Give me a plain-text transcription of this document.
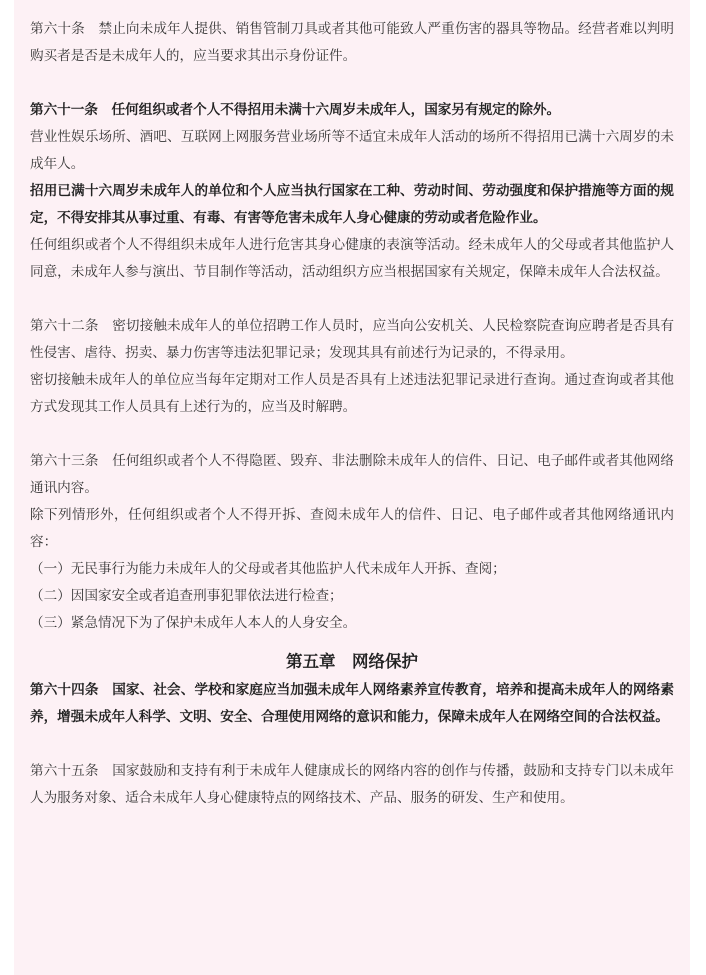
第六十条　禁止向未成年人提供、销售管制刀具或者其他可能致人严重伤害的器具等物品。经营者难以判明购买者是否是未成年人的，应当要求其出示身份证件。

第六十一条　任何组织或者个人不得招用未满十六周岁未成年人，国家另有规定的除外。

营业性娱乐场所、酒吧、互联网上网服务营业场所等不适宜未成年人活动的场所不得招用已满十六周岁的未成年人。

招用已满十六周岁未成年人的单位和个人应当执行国家在工种、劳动时间、劳动强度和保护措施等方面的规定，不得安排其从事过重、有毒、有害等危害未成年人身心健康的劳动或者危险作业。

任何组织或者个人不得组织未成年人进行危害其身心健康的表演等活动。经未成年人的父母或者其他监护人同意，未成年人参与演出、节目制作等活动，活动组织方应当根据国家有关规定，保障未成年人合法权益。

第六十二条　密切接触未成年人的单位招聘工作人员时，应当向公安机关、人民检察院查询应聘者是否具有性侵害、虐待、拐卖、暴力伤害等违法犯罪记录；发现其具有前述行为记录的，不得录用。

密切接触未成年人的单位应当每年定期对工作人员是否具有上述违法犯罪记录进行查询。通过查询或者其他方式发现其工作人员具有上述行为的，应当及时解聘。

第六十三条　任何组织或者个人不得隐匿、毁弃、非法删除未成年人的信件、日记、电子邮件或者其他网络通讯内容。

除下列情形外，任何组织或者个人不得开拆、查阅未成年人的信件、日记、电子邮件或者其他网络通讯内容：

（一）无民事行为能力未成年人的父母或者其他监护人代未成年人开拆、查阅；

（二）因国家安全或者追查刑事犯罪依法进行检查；

（三）紧急情况下为了保护未成年人本人的人身安全。

第五章　网络保护

第六十四条　国家、社会、学校和家庭应当加强未成年人网络素养宣传教育，培养和提高未成年人的网络素养，增强未成年人科学、文明、安全、合理使用网络的意识和能力，保障未成年人在网络空间的合法权益。

第六十五条　国家鼓励和支持有利于未成年人健康成长的网络内容的创作与传播，鼓励和支持专门以未成年人为服务对象、适合未成年人身心健康特点的网络技术、产品、服务的研发、生产和使用。
